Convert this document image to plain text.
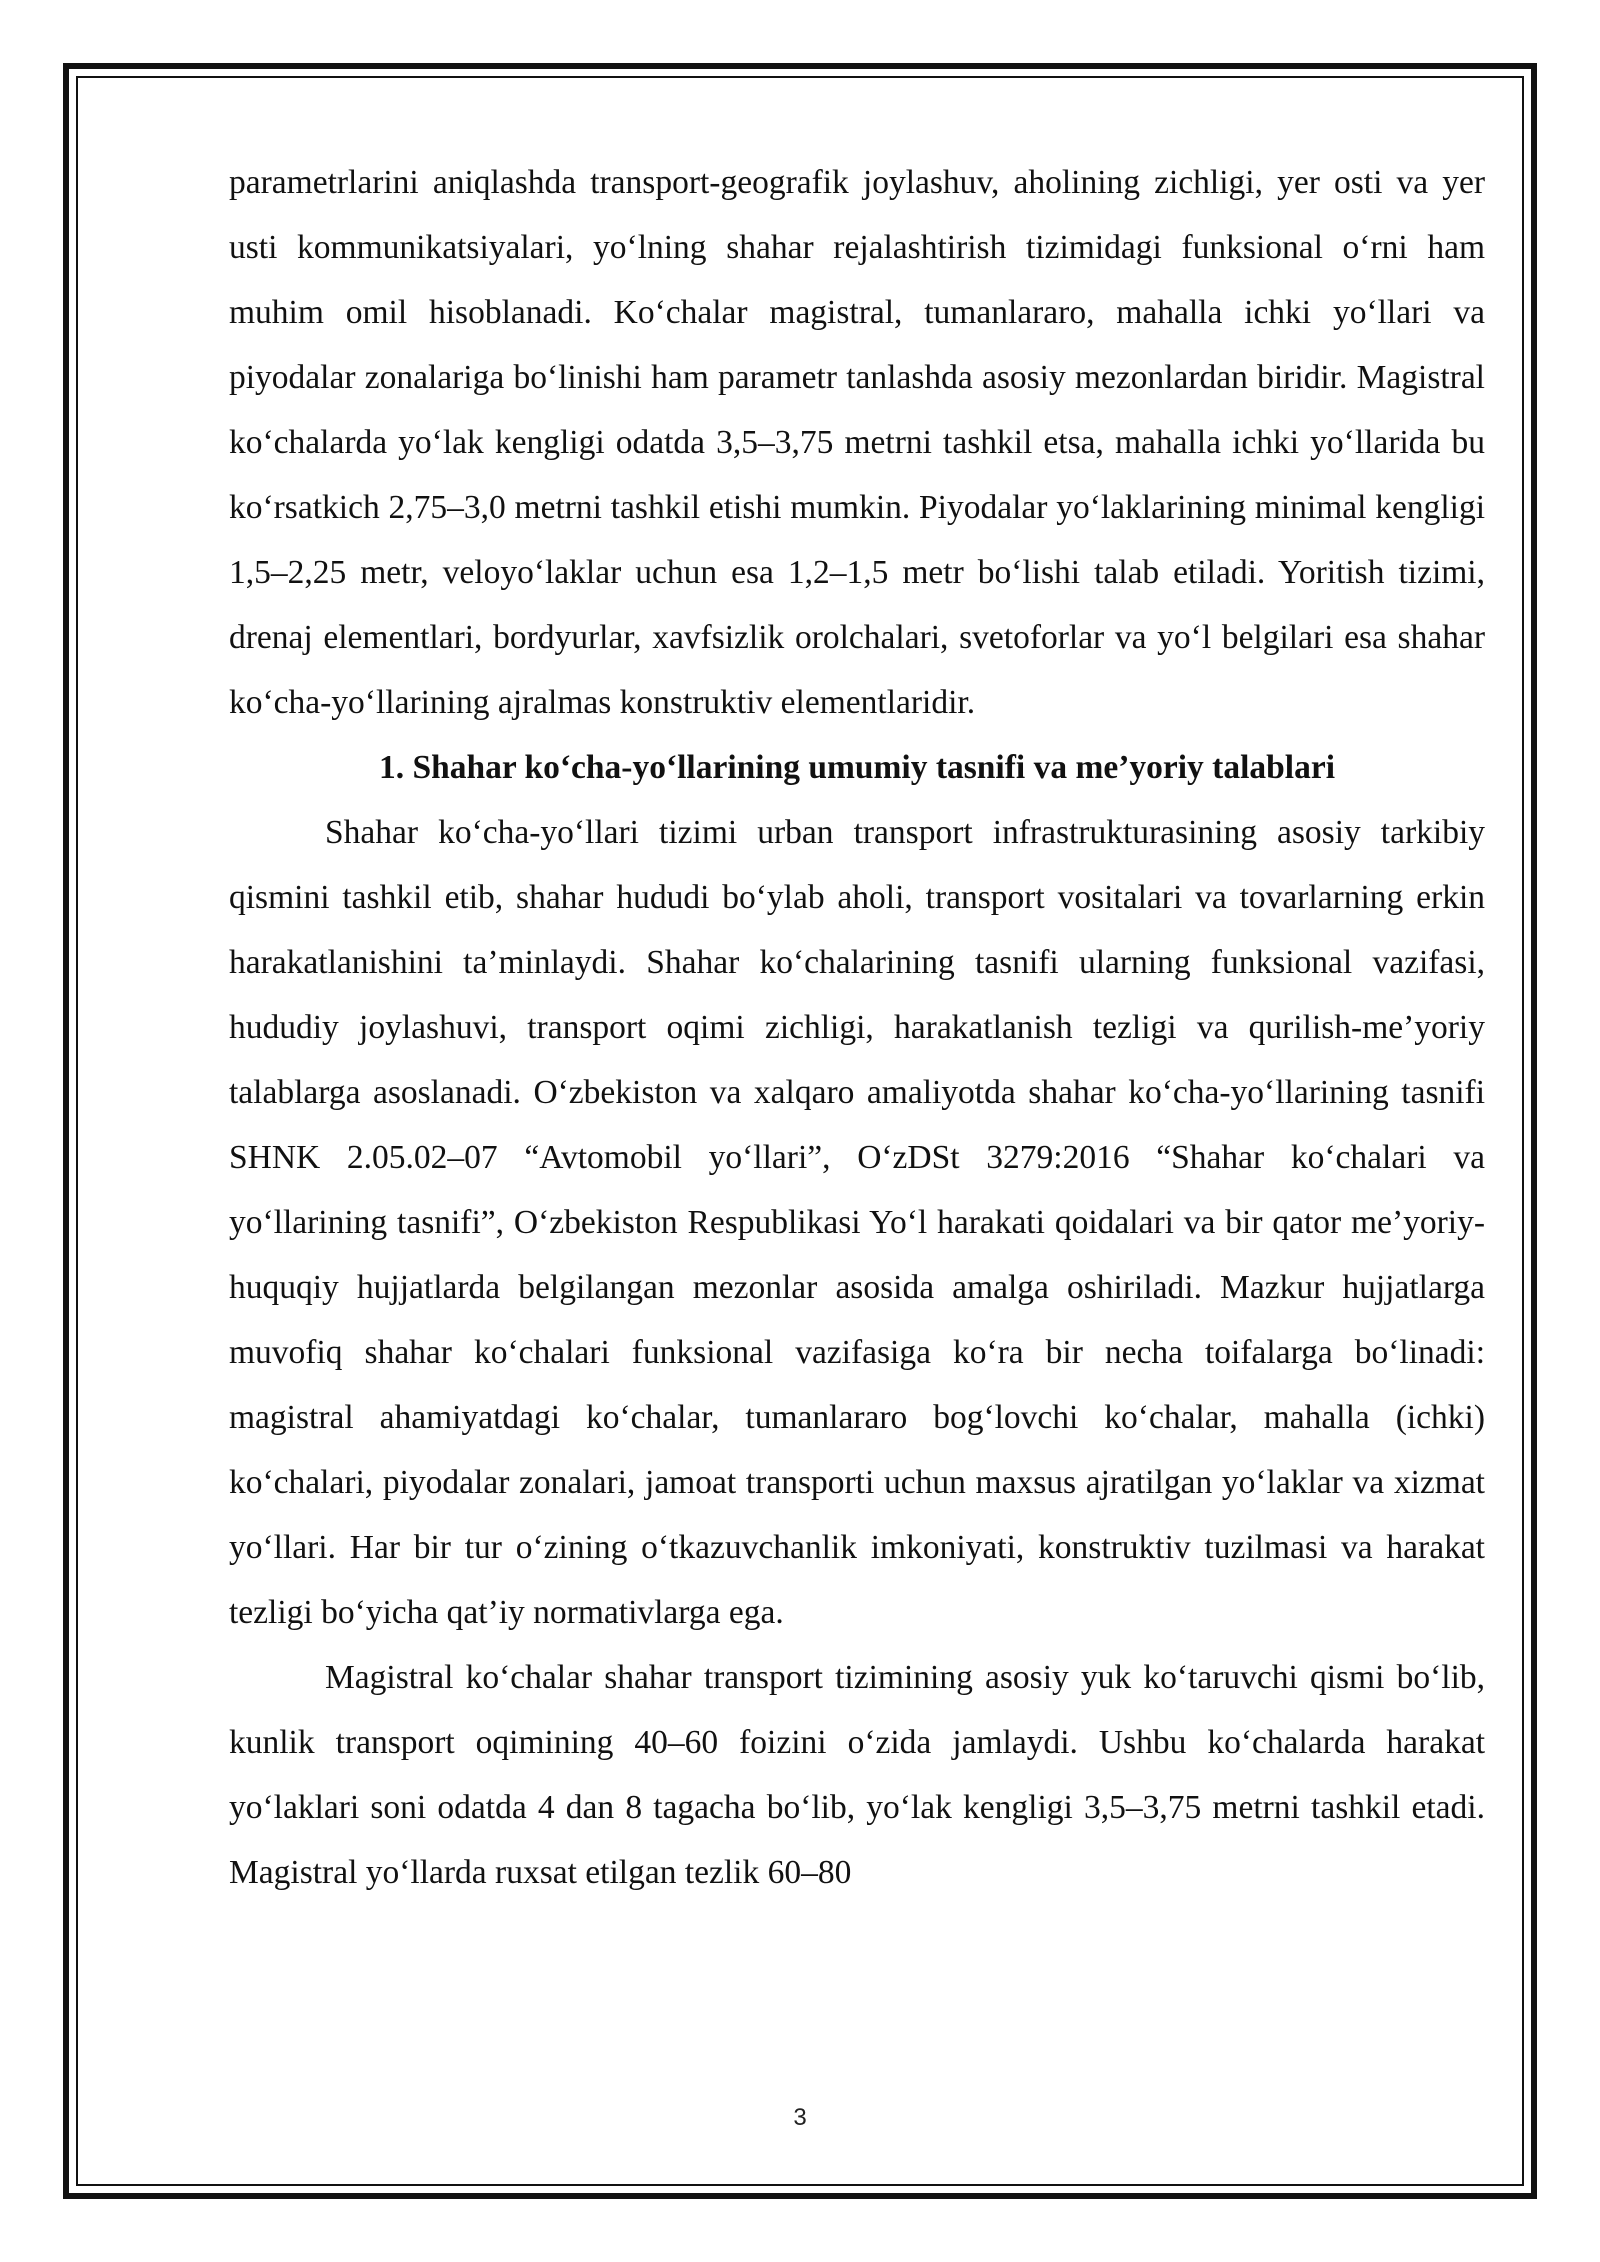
parametrlarini aniqlashda transport-geografik joylashuv, aholining zichligi, yer osti va yer usti kommunikatsiyalari, yo‘lning shahar rejalashtirish tizimidagi funksional o‘rni ham muhim omil hisoblanadi. Ko‘chalar magistral, tumanlararo, mahalla ichki yo‘llari va piyodalar zonalariga bo‘linishi ham parametr tanlashda asosiy mezonlardan biridir. Magistral ko‘chalarda yo‘lak kengligi odatda 3,5–3,75 metrni tashkil etsa, mahalla ichki yo‘llarida bu ko‘rsatkich 2,75–3,0 metrni tashkil etishi mumkin. Piyodalar yo‘laklarining minimal kengligi 1,5–2,25 metr, veloyo‘laklar uchun esa 1,2–1,5 metr bo‘lishi talab etiladi. Yoritish tizimi, drenaj elementlari, bordyurlar, xavfsizlik orolchalari, svetoforlar va yo‘l belgilari esa shahar ko‘cha-yo‘llarining ajralmas konstruktiv elementlaridir.

1. Shahar ko‘cha-yo‘llarining umumiy tasnifi va me’yoriy talablari

Shahar ko‘cha-yo‘llari tizimi urban transport infrastrukturasining asosiy tarkibiy qismini tashkil etib, shahar hududi bo‘ylab aholi, transport vositalari va tovarlarning erkin harakatlanishini ta’minlaydi. Shahar ko‘chalarining tasnifi ularning funksional vazifasi, hududiy joylashuvi, transport oqimi zichligi, harakatlanish tezligi va qurilish-me’yoriy talablarga asoslanadi. O‘zbekiston va xalqaro amaliyotda shahar ko‘cha-yo‘llarining tasnifi SHNK 2.05.02–07 “Avtomobil yo‘llari”, O‘zDSt 3279:2016 “Shahar ko‘chalari va yo‘llarining tasnifi”, O‘zbekiston Respublikasi Yo‘l harakati qoidalari va bir qator me’yoriy-huquqiy hujjatlarda belgilangan mezonlar asosida amalga oshiriladi. Mazkur hujjatlarga muvofiq shahar ko‘chalari funksional vazifasiga ko‘ra bir necha toifalarga bo‘linadi: magistral ahamiyatdagi ko‘chalar, tumanlararo bog‘lovchi ko‘chalar, mahalla (ichki) ko‘chalari, piyodalar zonalari, jamoat transporti uchun maxsus ajratilgan yo‘laklar va xizmat yo‘llari. Har bir tur o‘zining o‘tkazuvchanlik imkoniyati, konstruktiv tuzilmasi va harakat tezligi bo‘yicha qat’iy normativlarga ega.

Magistral ko‘chalar shahar transport tizimining asosiy yuk ko‘taruvchi qismi bo‘lib, kunlik transport oqimining 40–60 foizini o‘zida jamlaydi. Ushbu ko‘chalarda harakat yo‘laklari soni odatda 4 dan 8 tagacha bo‘lib, yo‘lak kengligi 3,5–3,75 metrni tashkil etadi. Magistral yo‘llarda ruxsat etilgan tezlik 60–80

3
